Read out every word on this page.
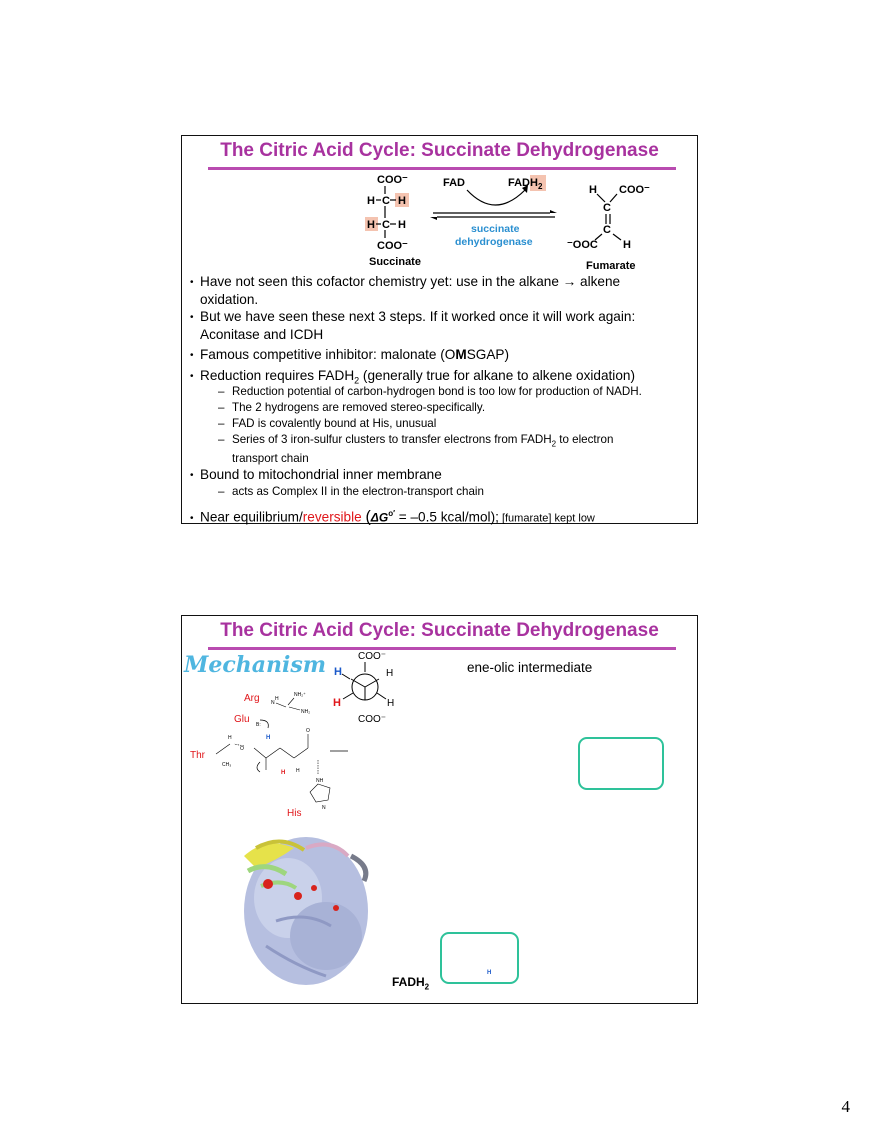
The Citric Acid Cycle: Succinate Dehydrogenase
COO⁻
H C H
H C H
COO⁻
Succinate
FAD	$FADH_2$
succinate
dehydrogenase
H COO⁻
C
C
⁻OOC H
Fumarate
• Have not seen this cofactor chemistry yet: use in the alkane → alkene
oxidation.
• But we have seen these next 3 steps. If it worked once it will work again:
Aconitase and ICDH
• Famous competitive inhibitor: malonate (OMSGAP)
• Reduction requires $FADH_2$ (generally true for alkane to alkene oxidation)
– Reduction potential of carbon-hydrogen bond is too low for production of NADH.
– The 2 hydrogens are removed stereo-specifically.
– FAD is covalently bound at His, unusual
– Series of 3 iron-sulfur clusters to transfer electrons from $FADH_2$ to electron
transport chain
• Bound to mitochondrial inner membrane
– acts as Complex II in the electron-transport chain
• Near equilibrium/reversible ($\Delta G^{o'} = -0.5$ kcal/mol); [fumarate] kept low
The Citric Acid Cycle: Succinate Dehydrogenase
Mechanism	COO⁻
H	H
H	H
COO⁻
ene-olic intermediate
Arg
Glu
Thr
His
NH₂⁺
N
H
NH₂
B:
H
O
O
H
CH₃
H H
NH
N
H
$FADH_2$
4
